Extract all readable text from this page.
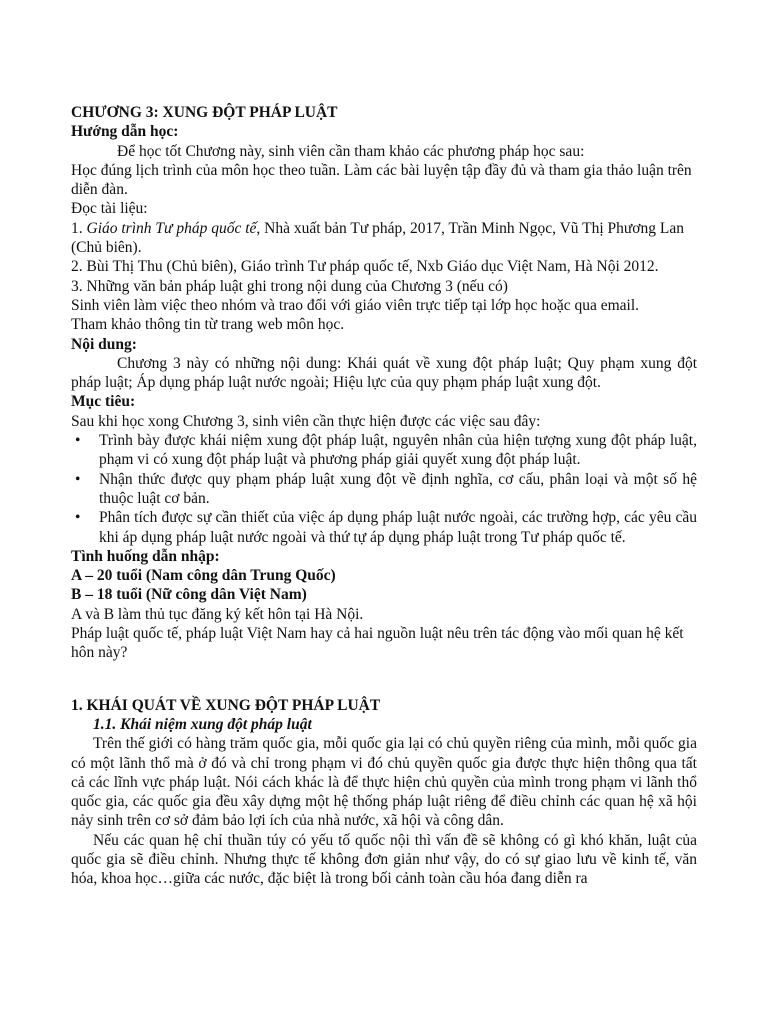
CHƯƠNG 3: XUNG ĐỘT PHÁP LUẬT

Hướng dẫn học:

Để học tốt Chương này, sinh viên cần tham khảo các phương pháp học sau:

Học đúng lịch trình của môn học theo tuần. Làm các bài luyện tập đầy đủ và tham gia thảo luận trên diễn đàn.

Đọc tài liệu:

1. Giáo trình Tư pháp quốc tế, Nhà xuất bản Tư pháp, 2017, Trần Minh Ngọc, Vũ Thị Phương Lan (Chủ biên).

2. Bùi Thị Thu (Chủ biên), Giáo trình Tư pháp quốc tế, Nxb Giáo dục Việt Nam, Hà Nội 2012.

3. Những văn bản pháp luật ghi trong nội dung của Chương 3 (nếu có)

Sinh viên làm việc theo nhóm và trao đổi với giáo viên trực tiếp tại lớp học hoặc qua email.

Tham khảo thông tin từ trang web môn học.

Nội dung:

Chương 3 này có những nội dung: Khái quát về xung đột pháp luật; Quy phạm xung đột pháp luật; Áp dụng pháp luật nước ngoài; Hiệu lực của quy phạm pháp luật xung đột.

Mục tiêu:

Sau khi học xong Chương 3, sinh viên cần thực hiện được các việc sau đây:

• Trình bày được khái niệm xung đột pháp luật, nguyên nhân của hiện tượng xung đột pháp luật, phạm vi có xung đột pháp luật và phương pháp giải quyết xung đột pháp luật.
• Nhận thức được quy phạm pháp luật xung đột về định nghĩa, cơ cấu, phân loại và một số hệ thuộc luật cơ bản.
• Phân tích được sự cần thiết của việc áp dụng pháp luật nước ngoài, các trường hợp, các yêu cầu khi áp dụng pháp luật nước ngoài và thứ tự áp dụng pháp luật trong Tư pháp quốc tế.

Tình huống dẫn nhập:

A – 20 tuổi (Nam công dân Trung Quốc)

B – 18 tuổi (Nữ công dân Việt Nam)

A và B làm thủ tục đăng ký kết hôn tại Hà Nội.

Pháp luật quốc tế, pháp luật Việt Nam hay cả hai nguồn luật nêu trên tác động vào mối quan hệ kết hôn này?

1. KHÁI QUÁT VỀ XUNG ĐỘT PHÁP LUẬT

1.1. Khái niệm xung đột pháp luật

Trên thế giới có hàng trăm quốc gia, mỗi quốc gia lại có chủ quyền riêng của mình, mỗi quốc gia có một lãnh thổ mà ở đó và chỉ trong phạm vi đó chủ quyền quốc gia được thực hiện thông qua tất cả các lĩnh vực pháp luật. Nói cách khác là để thực hiện chủ quyền của mình trong phạm vi lãnh thổ quốc gia, các quốc gia đều xây dựng một hệ thống pháp luật riêng để điều chỉnh các quan hệ xã hội nảy sinh trên cơ sở đảm bảo lợi ích của nhà nước, xã hội và công dân.

Nếu các quan hệ chỉ thuần túy có yếu tố quốc nội thì vấn đề sẽ không có gì khó khăn, luật của quốc gia sẽ điều chỉnh. Nhưng thực tế không đơn giản như vậy, do có sự giao lưu về kinh tế, văn hóa, khoa học…giữa các nước, đặc biệt là trong bối cảnh toàn cầu hóa đang diễn ra
